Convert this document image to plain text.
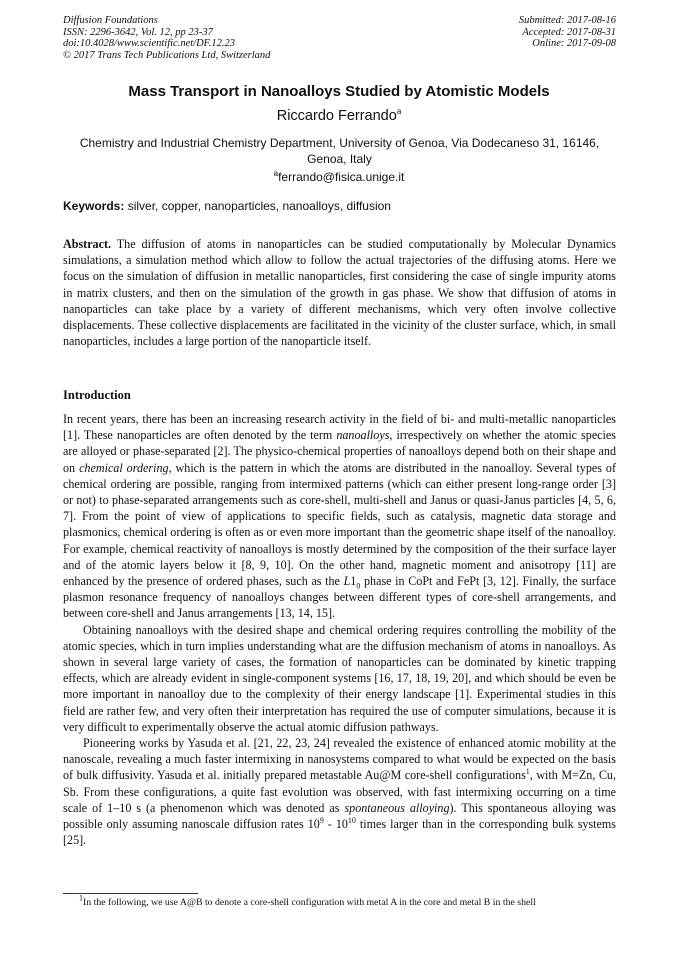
Diffusion Foundations
ISSN: 2296-3642, Vol. 12, pp 23-37
doi:10.4028/www.scientific.net/DF.12.23
© 2017 Trans Tech Publications Ltd, Switzerland
Submitted: 2017-08-16
Accepted: 2017-08-31
Online: 2017-09-08
Mass Transport in Nanoalloys Studied by Atomistic Models
Riccardo Ferrando$^a$
Chemistry and Industrial Chemistry Department, University of Genoa, Via Dodecaneso 31, 16146, Genoa, Italy
$^a$ferrando@fisica.unige.it
Keywords: silver, copper, nanoparticles, nanoalloys, diffusion

Abstract. The diffusion of atoms in nanoparticles can be studied computationally by Molecular Dynamics simulations, a simulation method which allow to follow the actual trajectories of the diffusing atoms. Here we focus on the simulation of diffusion in metallic nanoparticles, first considering the case of single impurity atoms in matrix clusters, and then on the simulation of the growth in gas phase. We show that diffusion of atoms in nanoparticles can take place by a variety of different mechanisms, which very often involve collective displacements. These collective displacements are facilitated in the vicinity of the cluster surface, which, in small nanoparticles, includes a large portion of the nanoparticle itself.

Introduction

In recent years, there has been an increasing research activity in the field of bi- and multi-metallic nanoparticles [1]. These nanoparticles are often denoted by the term nanoalloys, irrespectively on whether the atomic species are alloyed or phase-separated [2]. The physico-chemical properties of nanoalloys depend both on their shape and on chemical ordering, which is the pattern in which the atoms are distributed in the nanoalloy. Several types of chemical ordering are possible, ranging from intermixed patterns (which can either present long-range order [3] or not) to phase-separated arrangements such as core-shell, multi-shell and Janus or quasi-Janus particles [4, 5, 6, 7]. From the point of view of applications to specific fields, such as catalysis, magnetic data storage and plasmonics, chemical ordering is often as or even more important than the geometric shape itself of the nanoalloy. For example, chemical reactivity of nanoalloys is mostly determined by the composition of the their surface layer and of the atomic layers below it [8, 9, 10]. On the other hand, magnetic moment and anisotropy [11] are enhanced by the presence of ordered phases, such as the $L1_0$ phase in CoPt and FePt [3, 12]. Finally, the surface plasmon resonance frequency of nanoalloys changes between different types of core-shell arrangements, and between core-shell and Janus arrangements [13, 14, 15].

Obtaining nanoalloys with the desired shape and chemical ordering requires controlling the mobility of the atomic species, which in turn implies understanding what are the diffusion mechanism of atoms in nanoalloys. As shown in several large variety of cases, the formation of nanoparticles can be dominated by kinetic trapping effects, which are already evident in single-component systems [16, 17, 18, 19, 20], and which should be even be more important in nanoalloy due to the complexity of their energy landscape [1]. Experimental studies in this field are rather few, and very often their interpretation has required the use of computer simulations, because it is very difficult to experimentally observe the actual atomic diffusion pathways.

Pioneering works by Yasuda et al. [21, 22, 23, 24] revealed the existence of enhanced atomic mobility at the nanoscale, revealing a much faster intermixing in nanosystems compared to what would be expected on the basis of bulk diffusivity. Yasuda et al. initially prepared metastable Au@M core-shell configurations$^1$, with M=Zn, Cu, Sb. From these configurations, a quite fast evolution was observed, with fast intermixing occurring on a time scale of 1–10 s (a phenomenon which was denoted as spontaneous alloying). This spontaneous alloying was possible only assuming nanoscale diffusion rates $10^9 - 10^{10}$ times larger than in the corresponding bulk systems [25].

$^1$In the following, we use A@B to denote a core-shell configuration with metal A in the core and metal B in the shell
